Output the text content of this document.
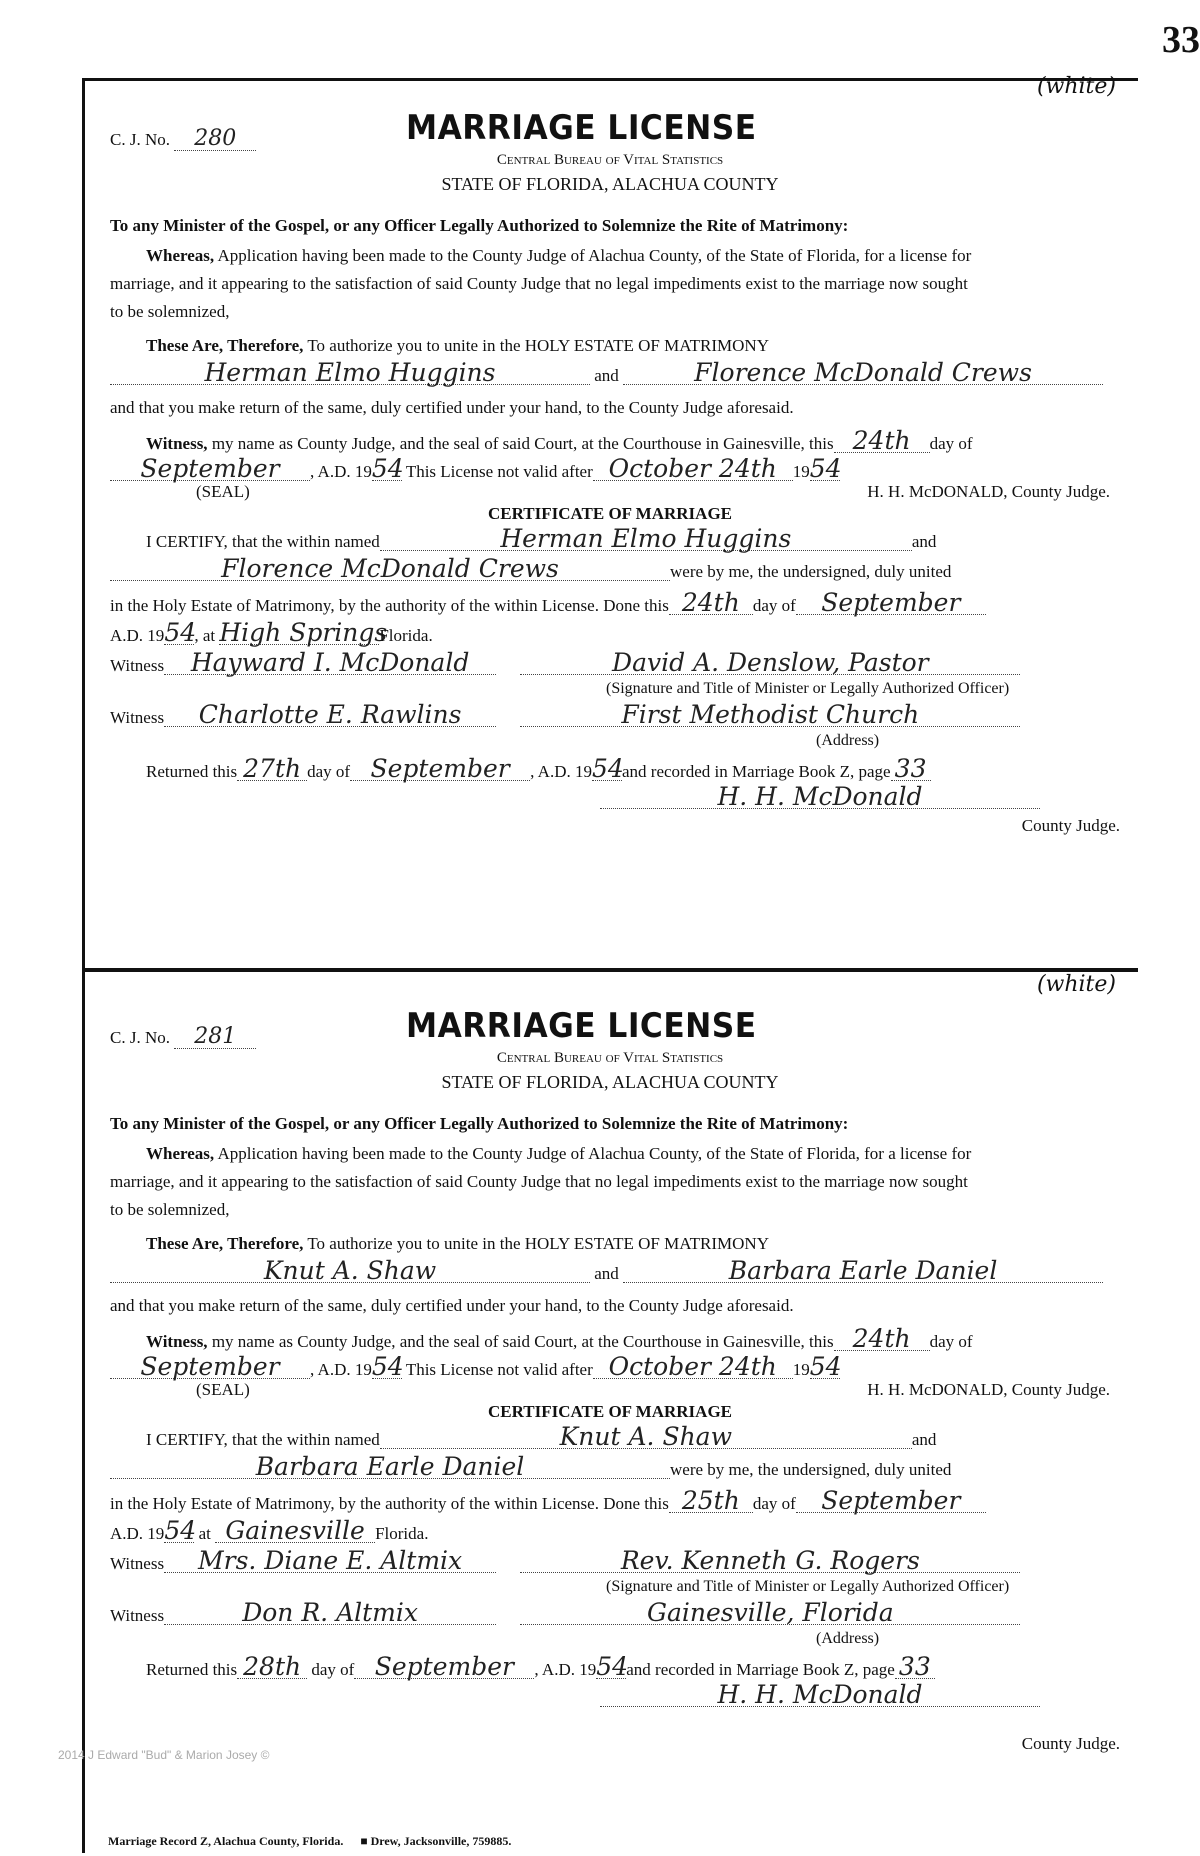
33
C. J. No. 280
(white)
MARRIAGE LICENSE
Central Bureau of Vital Statistics
STATE OF FLORIDA, ALACHUA COUNTY
To any Minister of the Gospel, or any Officer Legally Authorized to Solemnize the Rite of Matrimony:
Whereas, Application having been made to the County Judge of Alachua County, of the State of Florida, for a license for
marriage, and it appearing to the satisfaction of said County Judge that no legal impediments exist to the marriage now sought
to be solemnized,
These Are, Therefore, To authorize you to unite in the HOLY ESTATE OF MATRIMONY
Herman Elmo Huggins	and	Florence McDonald Crews
and that you make return of the same, duly certified under your hand, to the County Judge aforesaid.
Witness, my name as County Judge, and the seal of said Court, at the Courthouse in Gainesville, this 24th day of
September , A.D. 1954 This License not valid after October 24th 1954
(SEAL)	H. H. McDONALD, County Judge.
CERTIFICATE OF MARRIAGE
I CERTIFY, that the within named	Herman Elmo Huggins	and
Florence McDonald Crews	were by me, the undersigned, duly united
in the Holy Estate of Matrimony, by the authority of the within License. Done this 24th day of September
A.D. 1954, at High SpringsFlorida.
Witness Hayward I. McDonald	David A. Denslow, Pastor
(Signature and Title of Minister or Legally Authorized Officer)
Witness Charlotte E. Rawlins	First Methodist Church
(Address)
Returned this 27th day of September , A.D. 1954and recorded in Marriage Book Z, page 33
H. H. McDonald
County Judge.
C. J. No. 281
(white)
MARRIAGE LICENSE
Central Bureau of Vital Statistics
STATE OF FLORIDA, ALACHUA COUNTY
To any Minister of the Gospel, or any Officer Legally Authorized to Solemnize the Rite of Matrimony:
Whereas, Application having been made to the County Judge of Alachua County, of the State of Florida, for a license for
marriage, and it appearing to the satisfaction of said County Judge that no legal impediments exist to the marriage now sought
to be solemnized,
These Are, Therefore, To authorize you to unite in the HOLY ESTATE OF MATRIMONY
Knut A. Shaw	and	Barbara Earle Daniel
and that you make return of the same, duly certified under your hand, to the County Judge aforesaid.
Witness, my name as County Judge, and the seal of said Court, at the Courthouse in Gainesville, this 24th day of
September , A.D. 1954 This License not valid after October 24th 1954
(SEAL)	H. H. McDONALD, County Judge.
CERTIFICATE OF MARRIAGE
I CERTIFY, that the within named	Knut A. Shaw	and
Barbara Earle Daniel	were by me, the undersigned, duly united
in the Holy Estate of Matrimony, by the authority of the within License. Done this 25th day of September
A.D. 1954 at Gainesville Florida.
Witness Mrs. Diane E. Altmix	Rev. Kenneth G. Rogers
(Signature and Title of Minister or Legally Authorized Officer)
Witness	Don R. Altmix	Gainesville, Florida
(Address)
Returned this 28th day of September , A.D. 1954and recorded in Marriage Book Z, page 33
H. H. McDonald
County Judge.
2014 J Edward "Bud" & Marion Josey ©
Marriage Record Z, Alachua County, Florida. ■ Drew, Jacksonville, 759885.
